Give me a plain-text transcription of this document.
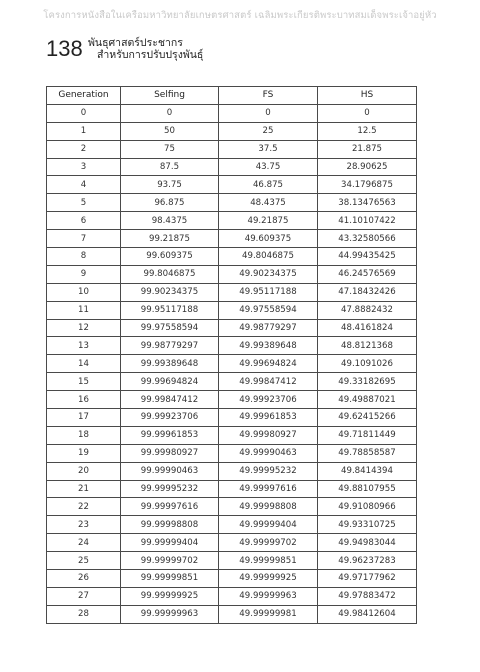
โครงการหนังสือในเครือมหาวิทยาลัยเกษตรศาสตร์ เฉลิมพระเกียรติพระบาทสมเด็จพระเจ้าอยู่หัว
138 พันธุศาสตร์ประชากร
สำหรับการปรับปรุงพันธุ์
Generation	Selfing	FS	HS
0	0	0	0
1	50	25	12.5
2	75	37.5	21.875
3	87.5	43.75	28.90625
4	93.75	46.875	34.1796875
5	96.875	48.4375	38.13476563
6	98.4375	49.21875	41.10107422
7	99.21875	49.609375	43.32580566
8	99.609375	49.8046875	44.99435425
9	99.8046875	49.90234375	46.24576569
10	99.90234375	49.95117188	47.18432426
11	99.95117188	49.97558594	47.8882432
12	99.97558594	49.98779297	48.4161824
13	99.98779297	49.99389648	48.8121368
14	99.99389648	49.99694824	49.1091026
15	99.99694824	49.99847412	49.33182695
16	99.99847412	49.99923706	49.49887021
17	99.99923706	49.99961853	49.62415266
18	99.99961853	49.99980927	49.71811449
19	99.99980927	49.99990463	49.78858587
20	99.99990463	49.99995232	49.8414394
21	99.99995232	49.99997616	49.88107955
22	99.99997616	49.99998808	49.91080966
23	99.99998808	49.99999404	49.93310725
24	99.99999404	49.99999702	49.94983044
25	99.99999702	49.99999851	49.96237283
26	99.99999851	49.99999925	49.97177962
27	99.99999925	49.99999963	49.97883472
28	99.99999963	49.99999981	49.98412604
